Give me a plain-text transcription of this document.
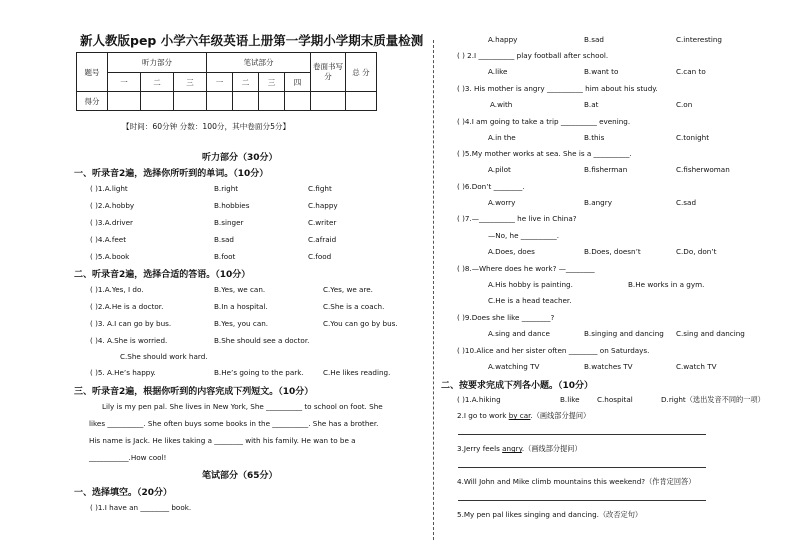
新人教版pep 小学六年级英语上册第一学期小学期末质量检测
题号	听力部分			笔试部分				卷面书写分	总 分
	一	二	三	一	二	三	四		
得分									
【时间：60分钟 分数：100分，其中卷面分5分】
听力部分（30分）
一、听录音2遍，选择你所听到的单词。（10分）
( )1.A.light	B.right	C.fight
( )2.A.hobby	B.hobbies	C.happy
( )3.A.driver	B.singer	C.writer
( )4.A.feet	B.sad	C.afraid
( )5.A.book	B.foot	C.food
二、听录音2遍，选择合适的答语。（10分）
( )1.A.Yes, I do.	B.Yes, we can.	C.Yes, we are.
( )2.A.He is a doctor.	B.In a hospital.	C.She is a coach.
( )3. A.I can go by bus.	B.Yes, you can.	C.You can go by bus.
( )4. A.She is worried.	B.She should see a doctor.
C.She should work hard.
( )5. A.He’s happy.	B.He’s going to the park.	C.He likes reading.
三、听录音2遍，根据你听到的内容完成下列短文。（10分）
Lily is my pen pal. She lives in New York, She __________ to school on foot. She
likes __________. She often buys some books in the __________. She has a brother.
His name is Jack. He likes taking a ________ with his family. He wan to be a
___________.How cool!
笔试部分（65分）
一、选择填空。（20分）
( )1.I have an ________ book.
A.happy	B.sad	C.interesting
( ) 2.I __________ play football after school.
A.like	B.want to	C.can to
( )3. His mother is angry __________ him about his study.
A.with	B.at	C.on
( )4.I am going to take a trip __________ evening.
A.in the	B.this	C.tonight
( )5.My mother works at sea. She is a __________.
A.pilot	B.fisherman	C.fisherwoman
( )6.Don’t ________.
A.worry	B.angry	C.sad
( )7.—__________ he live in China?
—No, he __________.
A.Does, does	B.Does, doesn’t	C.Do, don’t
( )8.—Where does he work? —________
A.His hobby is painting.	B.He works in a gym.
C.He is a head teacher.
( )9.Does she like ________?
A.sing and dance	B.singing and dancing C.sing and dancing
( )10.Alice and her sister often ________ on Saturdays.
A.watching TV	B.watches TV	C.watch TV
二、按要求完成下列各小题。（10分）
( )1.A.hiking	B.like C.hospital	D.right（选出发音不同的一项）
2.I go to work by car.（画线部分提问）
3.Jerry feels angry.（画线部分提问）
4.Will John and Mike climb mountains this weekend?（作肯定回答）
5.My pen pal likes singing and dancing.（改否定句）
